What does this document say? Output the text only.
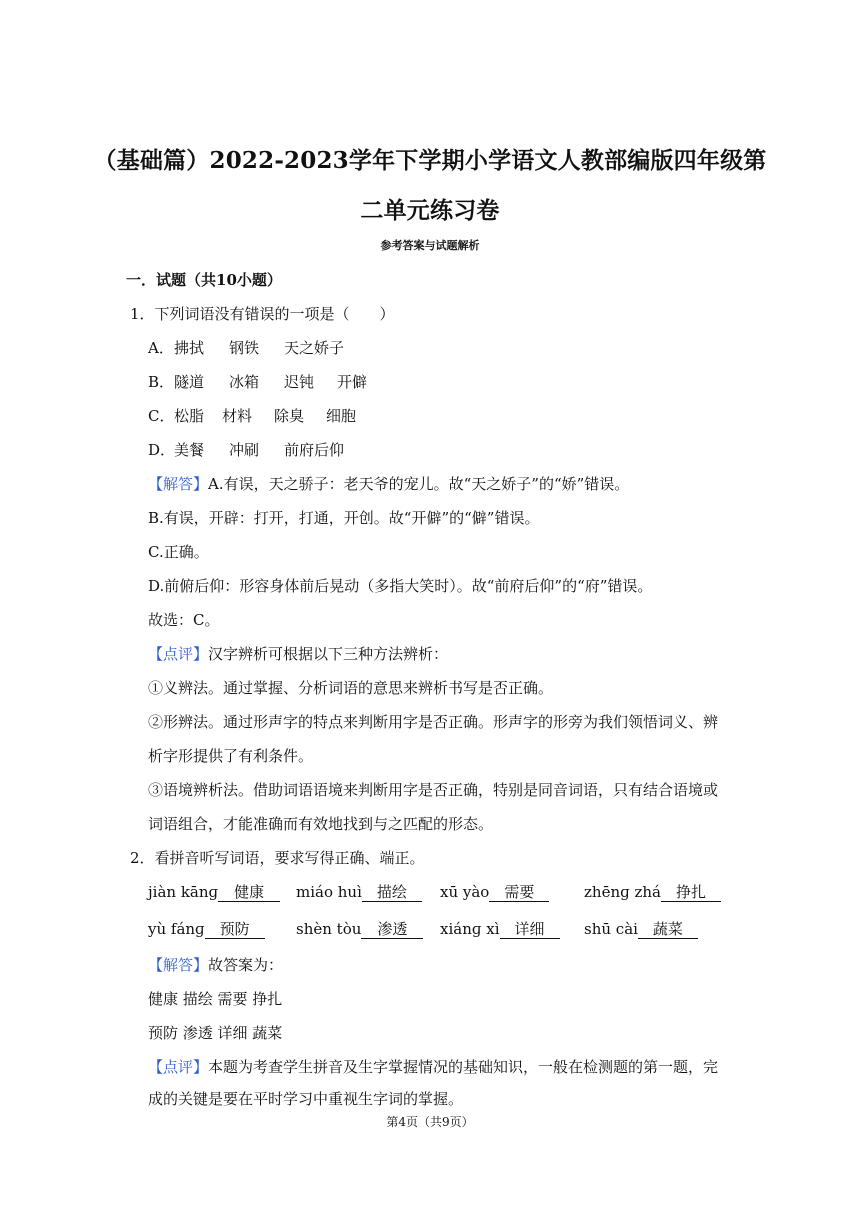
（基础篇）2022-2023学年下学期小学语文人教部编版四年级第
二单元练习卷
参考答案与试题解析
一．试题（共10小题）
1．下列词语没有错误的一项是（　　）
A．拂拭 钢铁 天之娇子
B．隧道 冰箱 迟钝 开僻
C．松脂 材料 除臭 细胞
D．美餐 冲刷 前府后仰
【解答】A.有误，天之骄子：老天爷的宠儿。故“天之娇子”的“娇”错误。
B.有误，开辟：打开，打通，开创。故“开僻”的“僻”错误。
C.正确。
D.前俯后仰：形容身体前后晃动（多指大笑时）。故“前府后仰”的“府”错误。
故选：C。
【点评】汉字辨析可根据以下三种方法辨析：
①义辨法。通过掌握、分析词语的意思来辨析书写是否正确。
②形辨法。通过形声字的特点来判断用字是否正确。形声字的形旁为我们领悟词义、辨
析字形提供了有利条件。
③语境辨析法。借助词语语境来判断用字是否正确，特别是同音词语，只有结合语境或
词语组合，才能准确而有效地找到与之匹配的形态。
2．看拼音听写词语，要求写得正确、端正。
jiàn kānɡ 健康	miáo huì 描绘	xū yào 需要	zhēnɡ zhá 挣扎
yù fánɡ 预防	shèn tòu 渗透	xiánɡ xì 详细	shū cài 蔬菜
【解答】故答案为：
健康 描绘 需要 挣扎
预防 渗透 详细 蔬菜
【点评】本题为考查学生拼音及生字掌握情况的基础知识，一般在检测题的第一题，完
成的关键是要在平时学习中重视生字词的掌握。
第4页（共9页）
